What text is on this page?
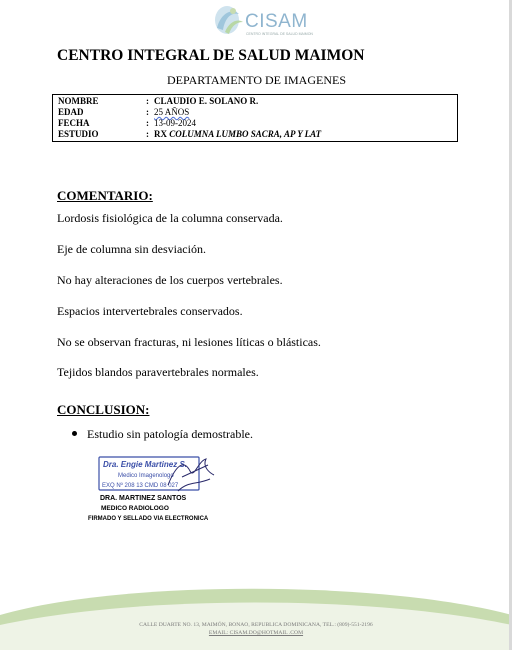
CISAM
CENTRO INTEGRAL DE SALUD MAIMON
CENTRO INTEGRAL DE SALUD MAIMON
DEPARTAMENTO DE IMAGENES
NOMBRE	: CLAUDIO E. SOLANO R.
EDAD	: 25 AÑOS
FECHA	: 13-09-2024
ESTUDIO	: RX COLUMNA LUMBO SACRA, AP Y LAT
COMENTARIO:
Lordosis fisiológica de la columna conservada.
Eje de columna sin desviación.
No hay alteraciones de los cuerpos vertebrales.
Espacios intervertebrales conservados.
No se observan fracturas, ni lesiones líticas o blásticas.
Tejidos blandos paravertebrales normales.
CONCLUSION:
Estudio sin patología demostrable.
Dra. Engie Martinez S.
Medico Imagenologo
EXQ Nº 208 13 CMD 08 027
DRA. MARTINEZ SANTOS
MEDICO RADIOLOGO
FIRMADO Y SELLADO VIA ELECTRONICA
CALLE DUARTE NO. 13, MAIMÓN, BONAO, REPUBLICA DOMINICANA, TEL.: (809)-551-2196
EMAIL: CISAM.DO@HOTMAIL .COM
